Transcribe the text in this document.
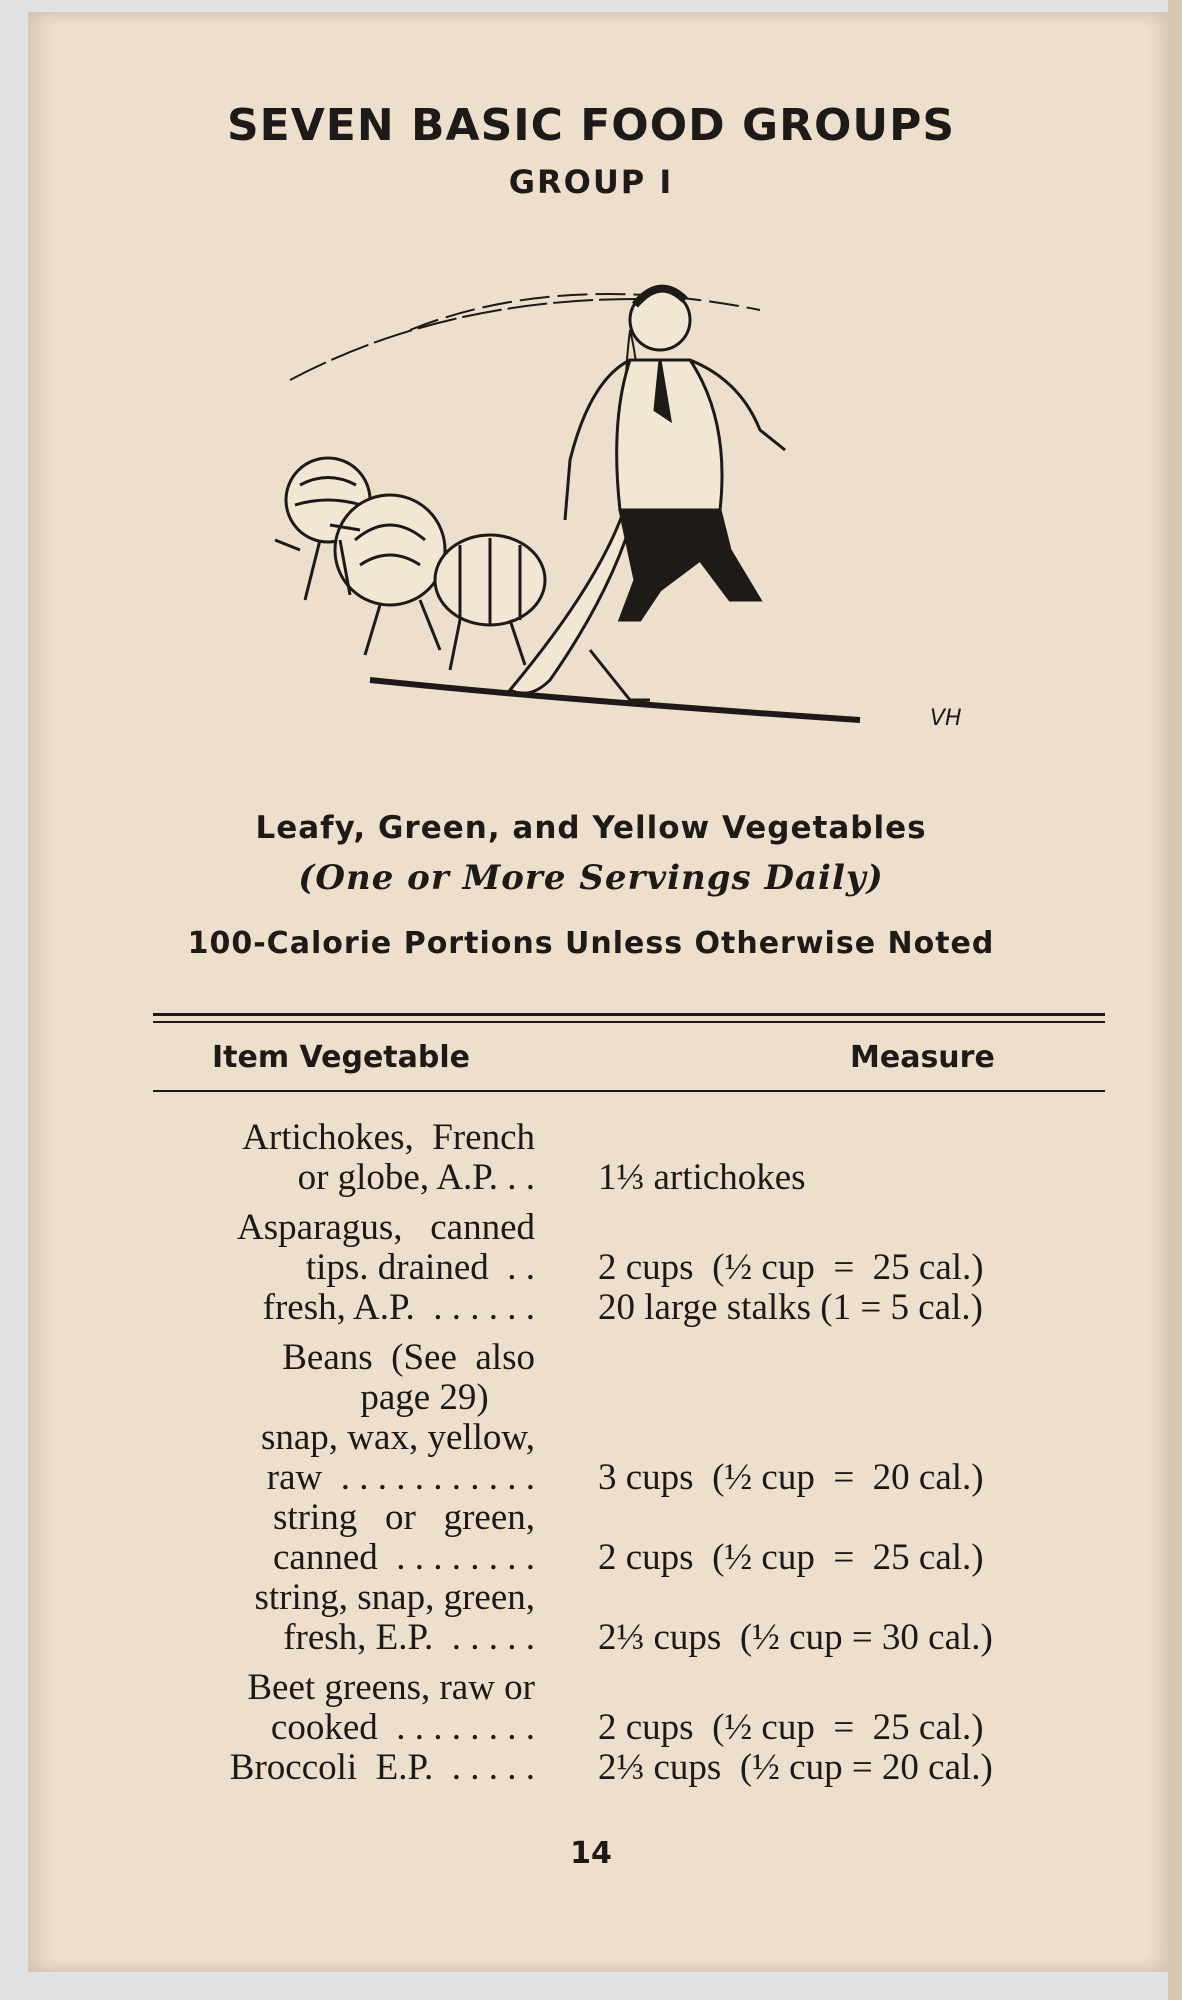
SEVEN BASIC FOOD GROUPS
GROUP I
VH
Leafy, Green, and Yellow Vegetables
(One or More Servings Daily)
100-Calorie Portions Unless Otherwise Noted
Item Vegetable	Measure
Artichokes,  French
or globe, A.P. . . 1⅓ artichokes
Asparagus,   canned
tips. drained  . . 2 cups  (½ cup  =  25 cal.)
fresh, A.P.  . . . . . . 20 large stalks (1 = 5 cal.)
Beans  (See  also
page 29)
snap, wax, yellow,
raw  . . . . . . . . . . . 3 cups  (½ cup  =  20 cal.)
string   or   green,
canned  . . . . . . . . 2 cups  (½ cup  =  25 cal.)
string, snap, green,
fresh, E.P.  . . . . . 2⅓ cups  (½ cup = 30 cal.)
Beet greens, raw or
cooked  . . . . . . . . 2 cups  (½ cup  =  25 cal.)
Broccoli  E.P.  . . . . . 2⅓ cups  (½ cup = 20 cal.)
14
